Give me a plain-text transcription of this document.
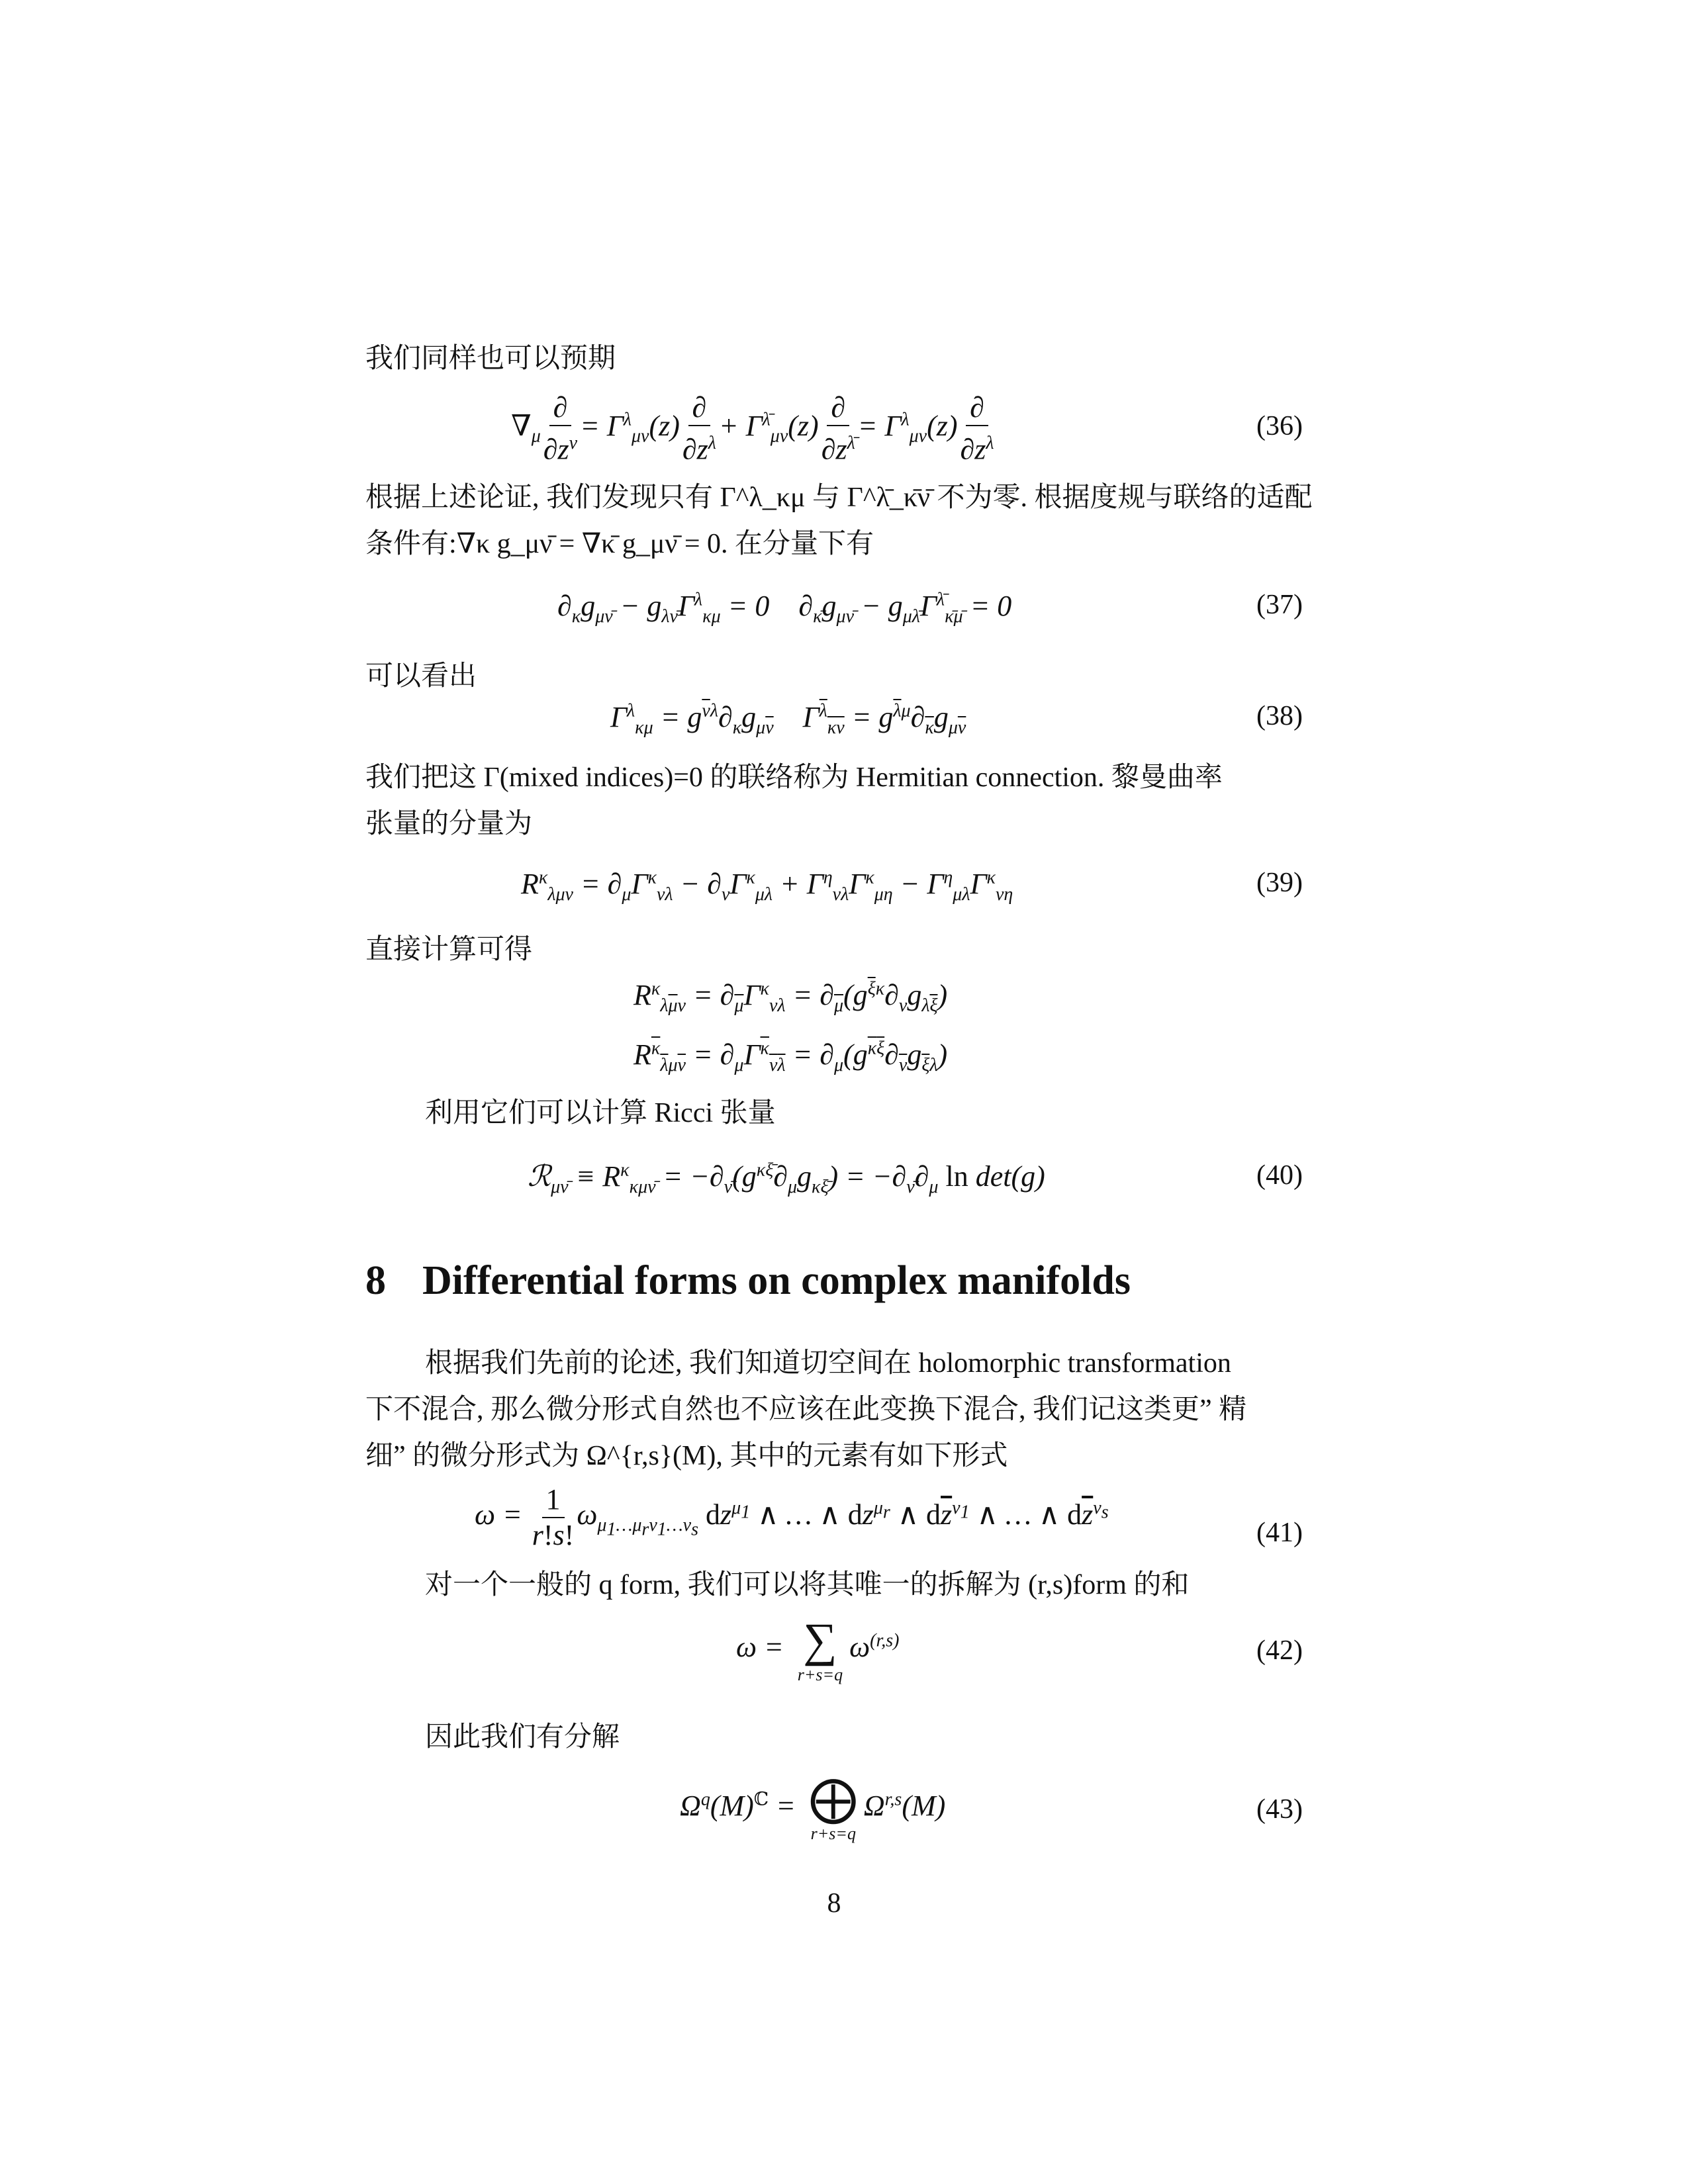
我们同样也可以预期
$\nabla_\mu \frac{\partial}{\partial z^\nu} = \Gamma^\lambda_{\mu\nu}(z) \frac{\partial}{\partial z^\lambda} + \Gamma^{\lambdā}_{\mu\nu}(z) \frac{\partial}{\partial z^{\lambdā}} = \Gamma^\lambda_{\mu\nu}(z) \frac{\partial}{\partial z^\lambda}$	(36)
根据上述论证, 我们发现只有 Γ^λ_κμ 与 Γ^λ̄_κ̄ν̄ 不为零. 根据度规与联络的适配
条件有:∇κ g_μν̄ = ∇κ̄ g_μν̄ = 0. 在分量下有
$\partial_\kappa g_{\mu\nū} - g_{\lambda\nū}\Gamma^\lambda_{\kappa\mu} = 0$    $\partial_{\kappā}g_{\mu\nū} - g_{\mu\lambdā}\Gamma^{\lambdā}_{\kappā\mū} = 0$	(37)
可以看出
$\Gamma^\lambda_{\kappa\mu} = g^{\overline{\nu}\lambda}\partial_\kappa g_{\mu\overline{\nu}}$    $\Gamma^{\overline{\lambda}}_{\overline{\kappa\nu}} = g^{\overline{\lambda}\mu}\partial_{\overline{\kappa}}g_{\mu\overline{\nu}}$	(38)
我们把这 Γ(mixed indices)=0 的联络称为 Hermitian connection. 黎曼曲率
张量的分量为
$R^\kappa_{\lambda\mu\nu} = \partial_\mu\Gamma^\kappa_{\nu\lambda} - \partial_\nu\Gamma^\kappa_{\mu\lambda} + \Gamma^\eta_{\nu\lambda}\Gamma^\kappa_{\mu\eta} - \Gamma^\eta_{\mu\lambda}\Gamma^\kappa_{\nu\eta}$	(39)
直接计算可得
$R^\kappa_{\lambda\overline{\mu}\nu} = \partial_{\overline{\mu}}\Gamma^\kappa_{\nu\lambda} = \partial_{\overline{\mu}}(g^{\overline{\xi}\kappa}\partial_\nu g_{\lambda\overline{\xi}})$
$R^{\overline{\kappa}}_{\overline{\lambda}\mu\overline{\nu}} = \partial_\mu\Gamma^{\overline{\kappa}}_{\overline{\nu}\overline{\lambda}} = \partial_\mu(g^{\overline{\kappa}\overline{\xi}}\partial_{\overline{\nu}}g_{\overline{\xi}\lambda})$
利用它们可以计算 Ricci 张量
ℛ$_{\mu\nū}$ ≡ $R^\kappa_{\kappa\mu\nū} = -\partial_{\nū}(g^{\kappa\xī}\partial_\mu g_{\kappa\xī}) = -\partial_{\nū}\partial_\mu$ ln det(g)	(40)
8 Differential forms on complex manifolds
根据我们先前的论述, 我们知道切空间在 holomorphic transformation
下不混合, 那么微分形式自然也不应该在此变换下混合, 我们记这类更” 精
细” 的微分形式为 Ω^{r,s}(M), 其中的元素有如下形式
$\omega = \frac{1}{r!s!} \omega_{\mu_1\dots\mu_r\nu_1\dots\nu_s}$ $dz^{\mu_1}$ ∧ … ∧ $dz^{\mu_r}$ ∧ $d\overline{z}^{\nu_1}$ ∧ … ∧ $d\overline{z}^{\nu_s}$
(41)
对一个一般的 q form, 我们可以将其唯一的拆解为 (r,s)form 的和
ω = ∑
r+s=q
$\omega^{(r,s)}$	(42)
因此我们有分解
$\Omega^q(M)^ℂ$ = ⨁
r+s=q
Ω$^{r,s}$(M)	(43)
8
